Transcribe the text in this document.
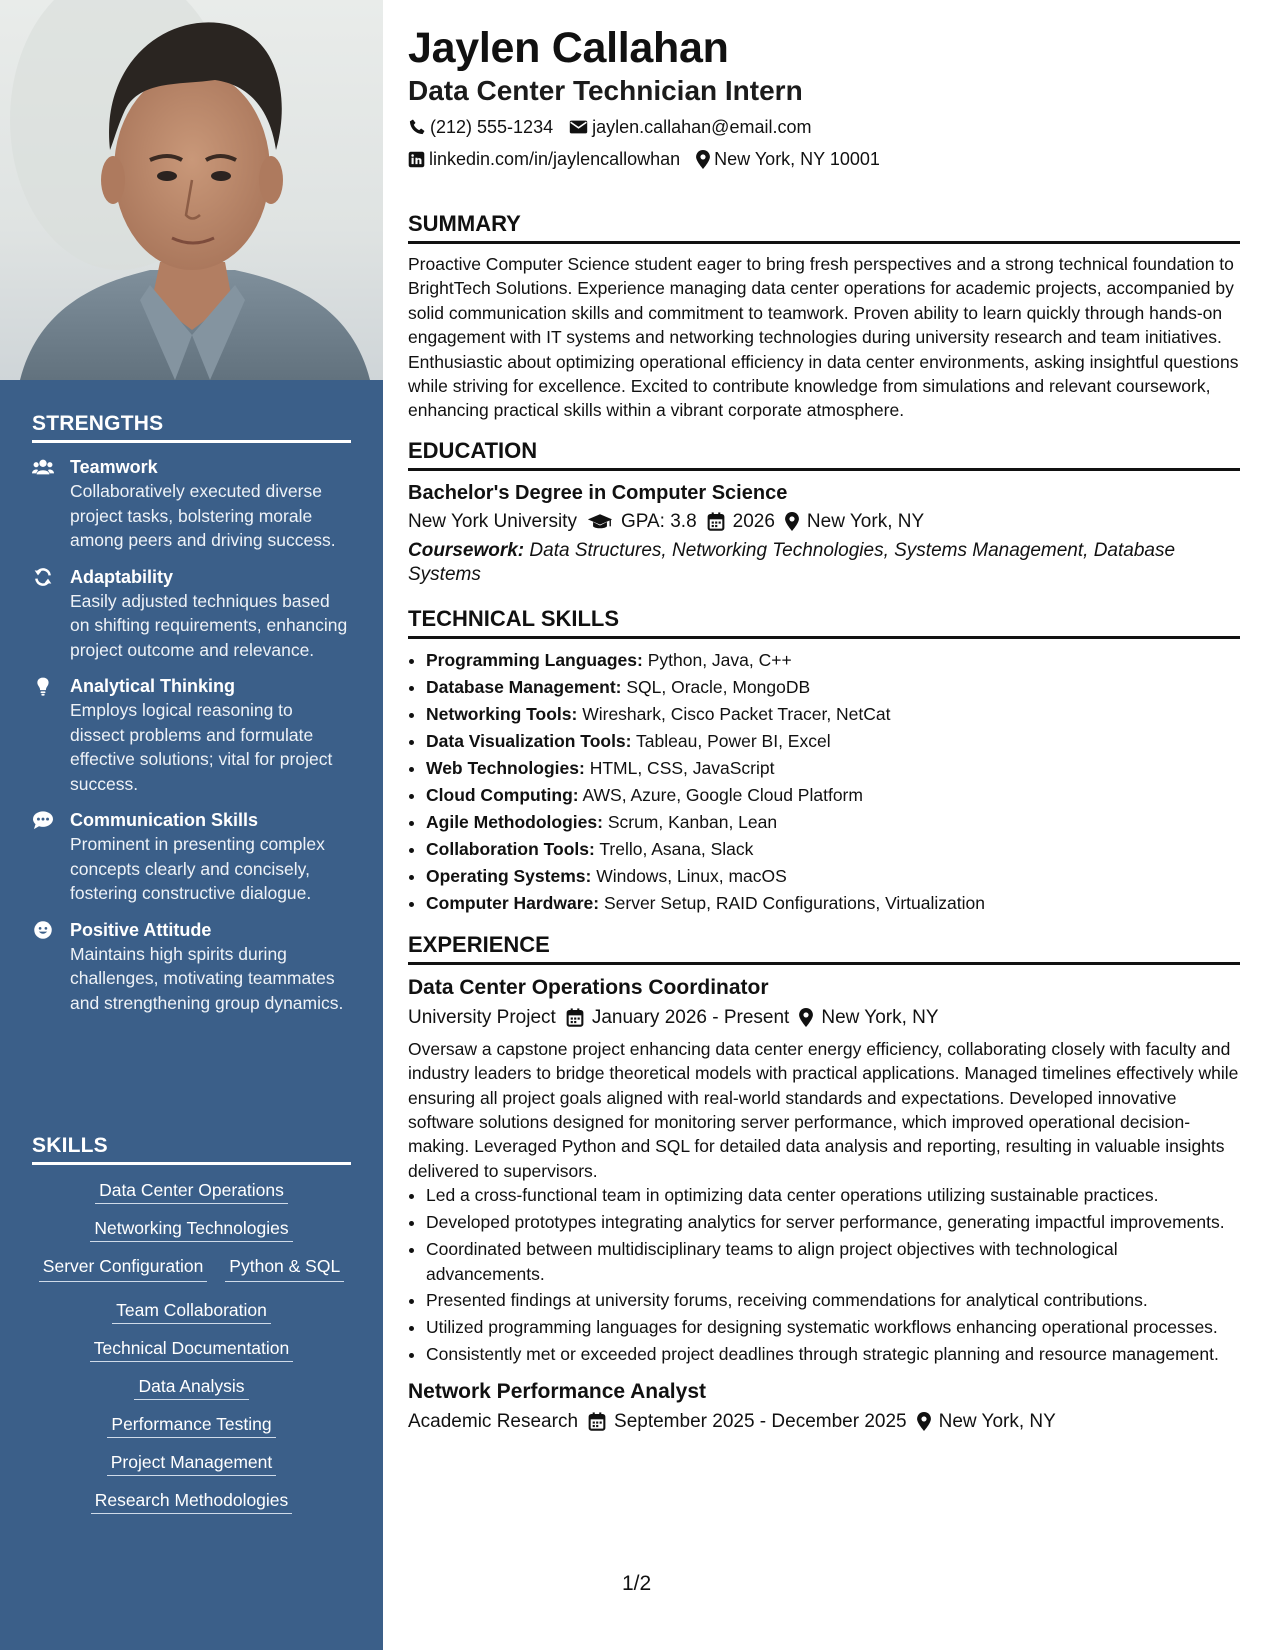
STRENGTHS
Teamwork
Collaboratively executed diverse project tasks, bolstering morale among peers and driving success.
Adaptability
Easily adjusted techniques based on shifting requirements, enhancing project outcome and relevance.
Analytical Thinking
Employs logical reasoning to dissect problems and formulate effective solutions; vital for project success.
Communication Skills
Prominent in presenting complex concepts clearly and concisely, fostering constructive dialogue.
Positive Attitude
Maintains high spirits during challenges, motivating teammates and strengthening group dynamics.
SKILLS
Data Center Operations
Networking Technologies
Server Configuration Python & SQL
Team Collaboration
Technical Documentation
Data Analysis
Performance Testing
Project Management
Research Methodologies
Jaylen Callahan
Data Center Technician Intern
(212) 555-1234 jaylen.callahan@email.com
linkedin.com/in/jaylencallowhan New York, NY 10001
SUMMARY

Proactive Computer Science student eager to bring fresh perspectives and a strong technical foundation to BrightTech Solutions. Experience managing data center operations for academic projects, accompanied by solid communication skills and commitment to teamwork. Proven ability to learn quickly through hands-on engagement with IT systems and networking technologies during university research and team initiatives. Enthusiastic about optimizing operational efficiency in data center environments, asking insightful questions while striving for excellence. Excited to contribute knowledge from simulations and relevant coursework, enhancing practical skills within a vibrant corporate atmosphere.

EDUCATION

Bachelor's Degree in Computer Science

New York University GPA: 3.8 2026 New York, NY
Coursework: Data Structures, Networking Technologies, Systems Management, Database Systems
TECHNICAL SKILLS
• Programming Languages: Python, Java, C++
• Database Management: SQL, Oracle, MongoDB
• Networking Tools: Wireshark, Cisco Packet Tracer, NetCat
• Data Visualization Tools: Tableau, Power BI, Excel
• Web Technologies: HTML, CSS, JavaScript
• Cloud Computing: AWS, Azure, Google Cloud Platform
• Agile Methodologies: Scrum, Kanban, Lean
• Collaboration Tools: Trello, Asana, Slack
• Operating Systems: Windows, Linux, macOS
• Computer Hardware: Server Setup, RAID Configurations, Virtualization
EXPERIENCE

Data Center Operations Coordinator

University Project January 2026 - Present New York, NY

Oversaw a capstone project enhancing data center energy efficiency, collaborating closely with faculty and industry leaders to bridge theoretical models with practical applications. Managed timelines effectively while ensuring all project goals aligned with real-world standards and expectations. Developed innovative software solutions designed for monitoring server performance, which improved operational decision-making. Leveraged Python and SQL for detailed data analysis and reporting, resulting in valuable insights delivered to supervisors.

• Led a cross-functional team in optimizing data center operations utilizing sustainable practices.
• Developed prototypes integrating analytics for server performance, generating impactful improvements.
• Coordinated between multidisciplinary teams to align project objectives with technological advancements.
• Presented findings at university forums, receiving commendations for analytical contributions.
• Utilized programming languages for designing systematic workflows enhancing operational processes.
• Consistently met or exceeded project deadlines through strategic planning and resource management.

Network Performance Analyst

Academic Research September 2025 - December 2025 New York, NY
1/2
